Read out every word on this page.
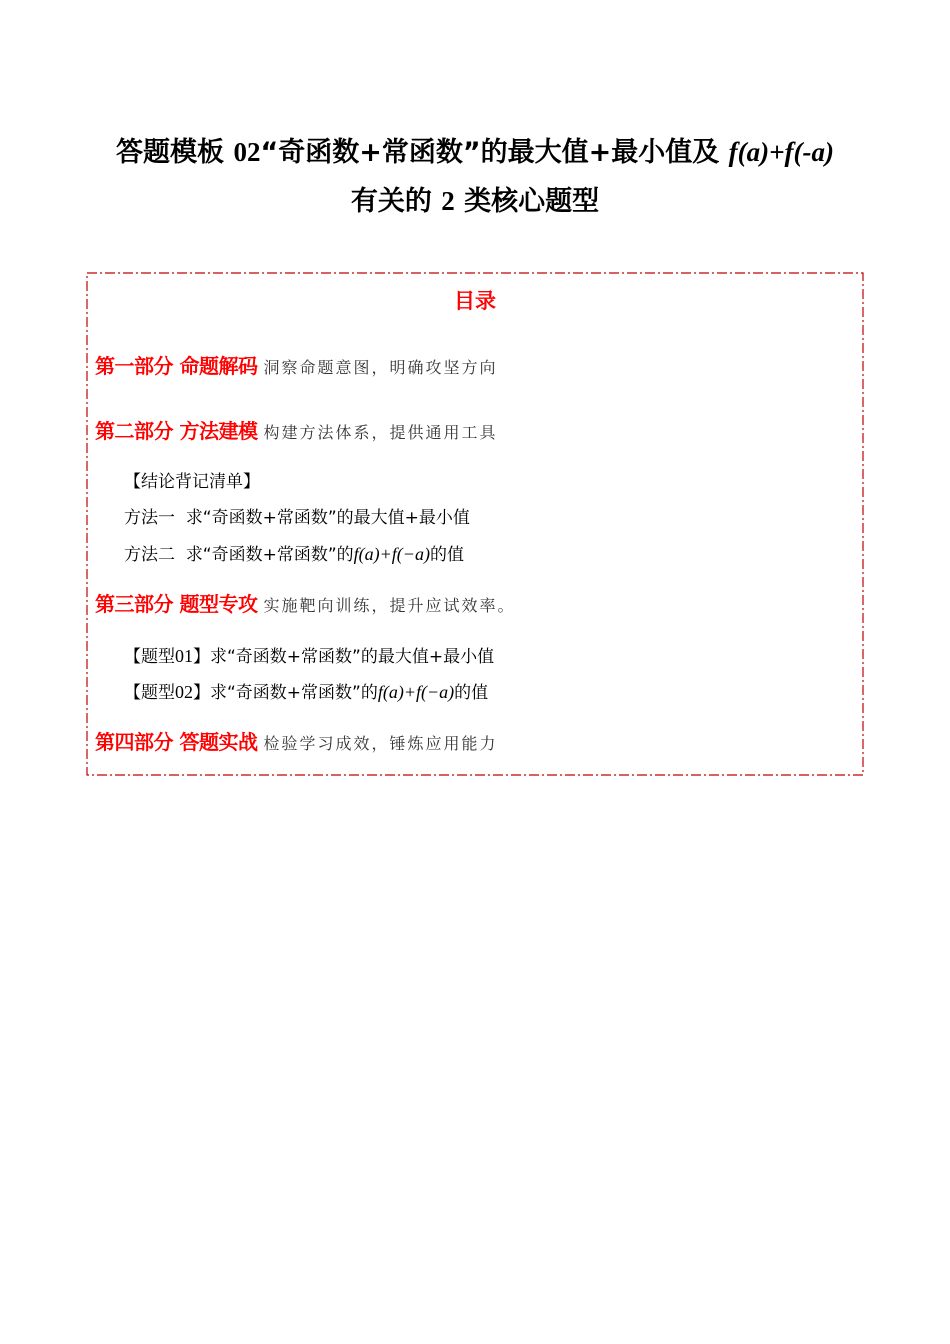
答题模板 02“奇函数+常函数”的最大值+最小值及 f(a)+f(-a)
有关的 2 类核心题型
目录
第一部分 命题解码 洞察命题意图，明确攻坚方向
第二部分 方法建模 构建方法体系，提供通用工具
【结论背记清单】
方法一 求“奇函数+常函数”的最大值+最小值
方法二 求“奇函数+常函数”的f(a)+f(−a)的值
第三部分 题型专攻 实施靶向训练，提升应试效率。
【题型01】求“奇函数+常函数”的最大值+最小值
【题型02】求“奇函数+常函数”的f(a)+f(−a)的值
第四部分 答题实战 检验学习成效，锤炼应用能力
